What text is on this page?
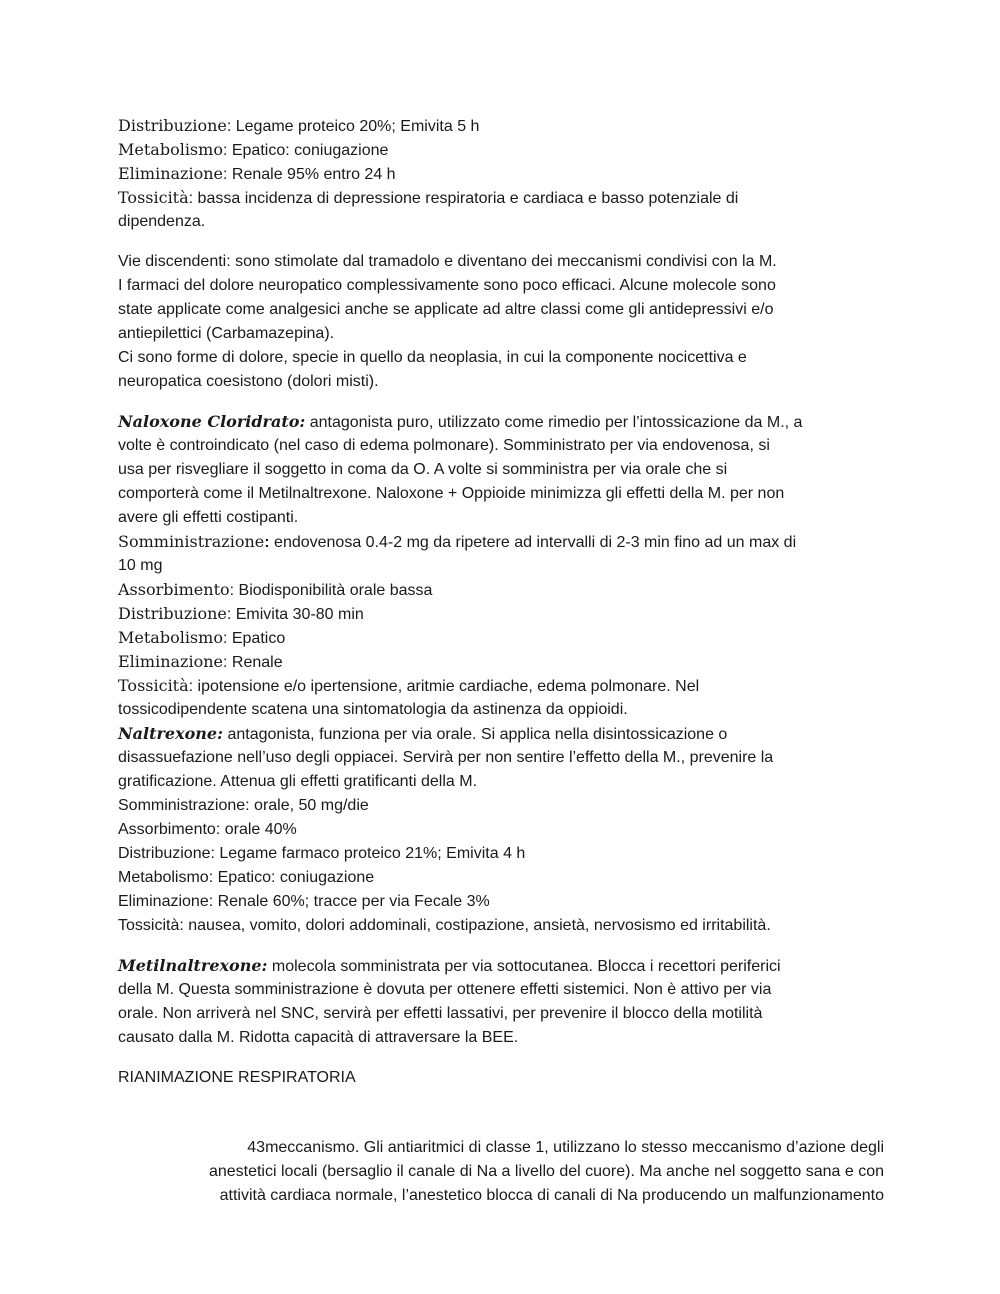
Distribuzione: Legame proteico 20%; Emivita 5 h
Metabolismo: Epatico: coniugazione
Eliminazione: Renale 95% entro 24 h
Tossicità: bassa incidenza di depressione respiratoria e cardiaca e basso potenziale di
dipendenza.
Vie discendenti: sono stimolate dal tramadolo e diventano dei meccanismi condivisi con la M.
I farmaci del dolore neuropatico complessivamente sono poco efficaci. Alcune molecole sono
state applicate come analgesici anche se applicate ad altre classi come gli antidepressivi e/o
antiepilettici (Carbamazepina).
Ci sono forme di dolore, specie in quello da neoplasia, in cui la componente nocicettiva e
neuropatica coesistono (dolori misti).
Naloxone Cloridrato: antagonista puro, utilizzato come rimedio per l’intossicazione da M., a
volte è controindicato (nel caso di edema polmonare). Somministrato per via endovenosa, si
usa per risvegliare il soggetto in coma da O. A volte si somministra per via orale che si
comporterà come il Metilnaltrexone. Naloxone + Oppioide minimizza gli effetti della M. per non
avere gli effetti costipanti.
Somministrazione: endovenosa 0.4-2 mg da ripetere ad intervalli di 2-3 min fino ad un max di
10 mg
Assorbimento: Biodisponibilità orale bassa
Distribuzione: Emivita 30-80 min
Metabolismo: Epatico
Eliminazione: Renale
Tossicità: ipotensione e/o ipertensione, aritmie cardiache, edema polmonare. Nel
tossicodipendente scatena una sintomatologia da astinenza da oppioidi.
Naltrexone: antagonista, funziona per via orale. Si applica nella disintossicazione o
disassuefazione nell’uso degli oppiacei. Servirà per non sentire l’effetto della M., prevenire la
gratificazione. Attenua gli effetti gratificanti della M.
Somministrazione: orale, 50 mg/die
Assorbimento: orale 40%
Distribuzione: Legame farmaco proteico 21%; Emivita 4 h
Metabolismo: Epatico: coniugazione
Eliminazione: Renale 60%; tracce per via Fecale 3%
Tossicità: nausea, vomito, dolori addominali, costipazione, ansietà, nervosismo ed irritabilità.
Metilnaltrexone: molecola somministrata per via sottocutanea. Blocca i recettori periferici
della M. Questa somministrazione è dovuta per ottenere effetti sistemici. Non è attivo per via
orale. Non arriverà nel SNC, servirà per effetti lassativi, per prevenire il blocco della motilità
causato dalla M. Ridotta capacità di attraversare la BEE.
RIANIMAZIONE RESPIRATORIA
43meccanismo. Gli antiaritmici di classe 1, utilizzano lo stesso meccanismo d’azione degli
anestetici locali (bersaglio il canale di Na a livello del cuore). Ma anche nel soggetto sana e con
attività cardiaca normale, l’anestetico blocca di canali di Na producendo un malfunzionamento
